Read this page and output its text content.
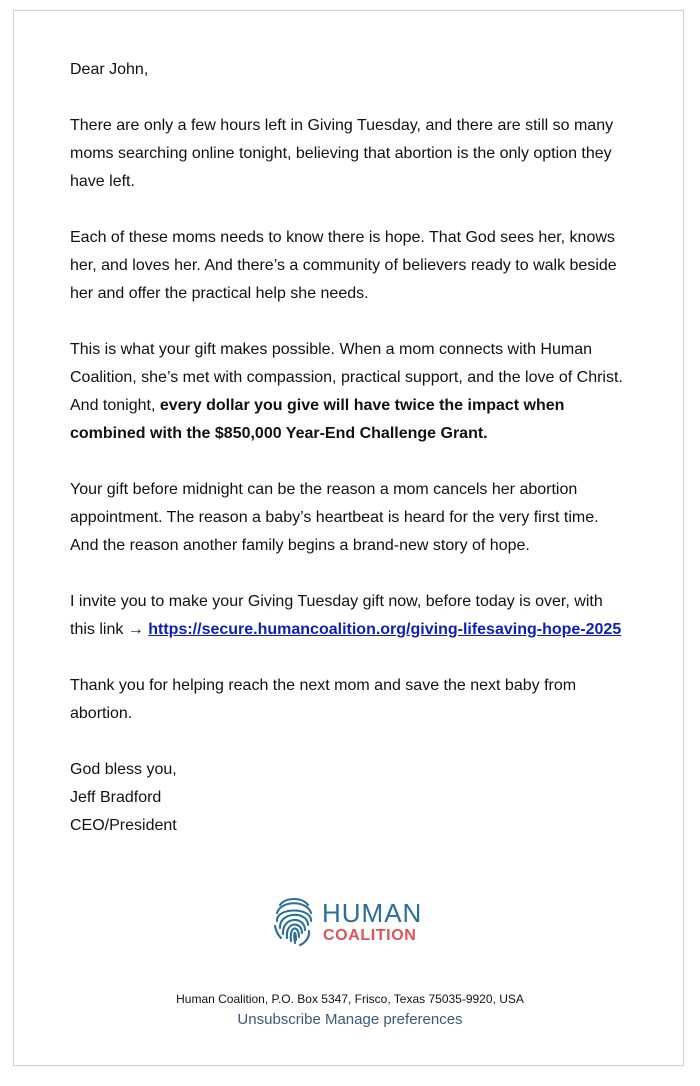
Dear John,

There are only a few hours left in Giving Tuesday, and there are still so many moms searching online tonight, believing that abortion is the only option they have left.

Each of these moms needs to know there is hope. That God sees her, knows her, and loves her. And there’s a community of believers ready to walk beside her and offer the practical help she needs.

This is what your gift makes possible. When a mom connects with Human Coalition, she’s met with compassion, practical support, and the love of Christ. And tonight, every dollar you give will have twice the impact when combined with the $850,000 Year-End Challenge Grant.

Your gift before midnight can be the reason a mom cancels her abortion appointment. The reason a baby’s heartbeat is heard for the very first time. And the reason another family begins a brand-new story of hope.

I invite you to make your Giving Tuesday gift now, before today is over, with this link → https://secure.humancoalition.org/giving-lifesaving-hope-2025

Thank you for helping reach the next mom and save the next baby from abortion.

God bless you,
Jeff Bradford
CEO/President
HUMAN
COALITION
Human Coalition, P.O. Box 5347, Frisco, Texas 75035-9920, USA
Unsubscribe Manage preferences
